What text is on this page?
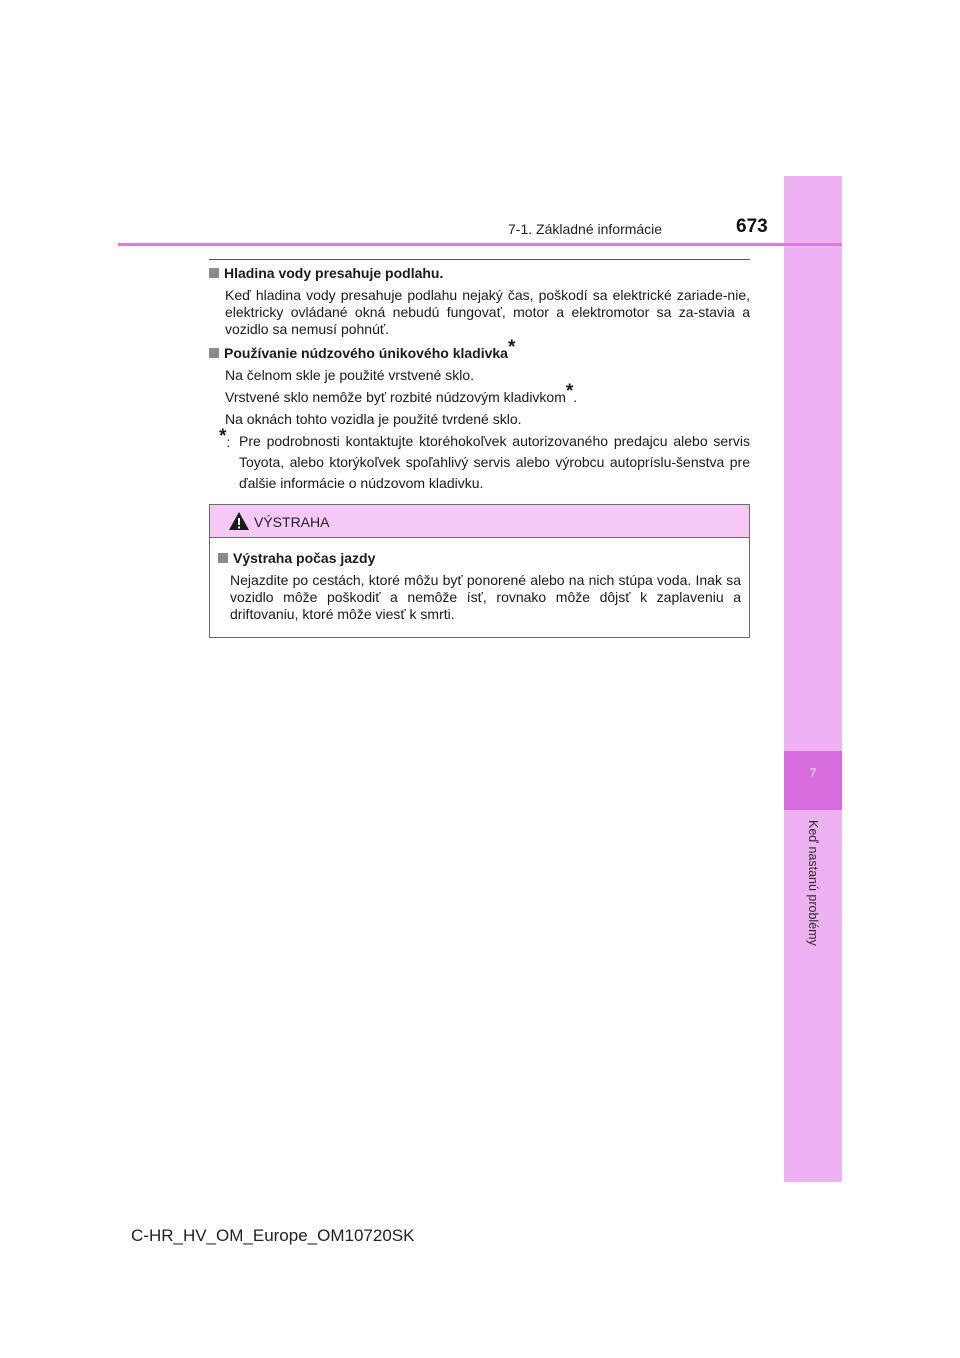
7
Keď nastanú problémy
7-1. Základné informácie	673

Hladina vody presahuje podlahu.

Keď hladina vody presahuje podlahu nejaký čas, poškodí sa elektrické zariade-nie, elektricky ovládané okná nebudú fungovať, motor a elektromotor sa za-stavia a vozidlo sa nemusí pohnúť.

Používanie núdzového únikového kladivka*

Na čelnom skle je použité vrstvené sklo.

Vrstvené sklo nemôže byť rozbité núdzovým kladivkom*.

Na oknách tohto vozidla je použité tvrdené sklo.

*: Pre podrobnosti kontaktujte ktoréhokoľvek autorizovaného predajcu alebo servis Toyota, alebo ktorýkoľvek spoľahlivý servis alebo výrobcu autopríslu-šenstva pre ďalšie informácie o núdzovom kladivku.
VÝSTRAHA

Výstraha počas jazdy

Nejazdite po cestách, ktoré môžu byť ponorené alebo na nich stúpa voda. Inak sa vozidlo môže poškodiť a nemôže ísť, rovnako môže dôjsť k zaplaveniu a driftovaniu, ktoré môže viesť k smrti.

C-HR_HV_OM_Europe_OM10720SK
